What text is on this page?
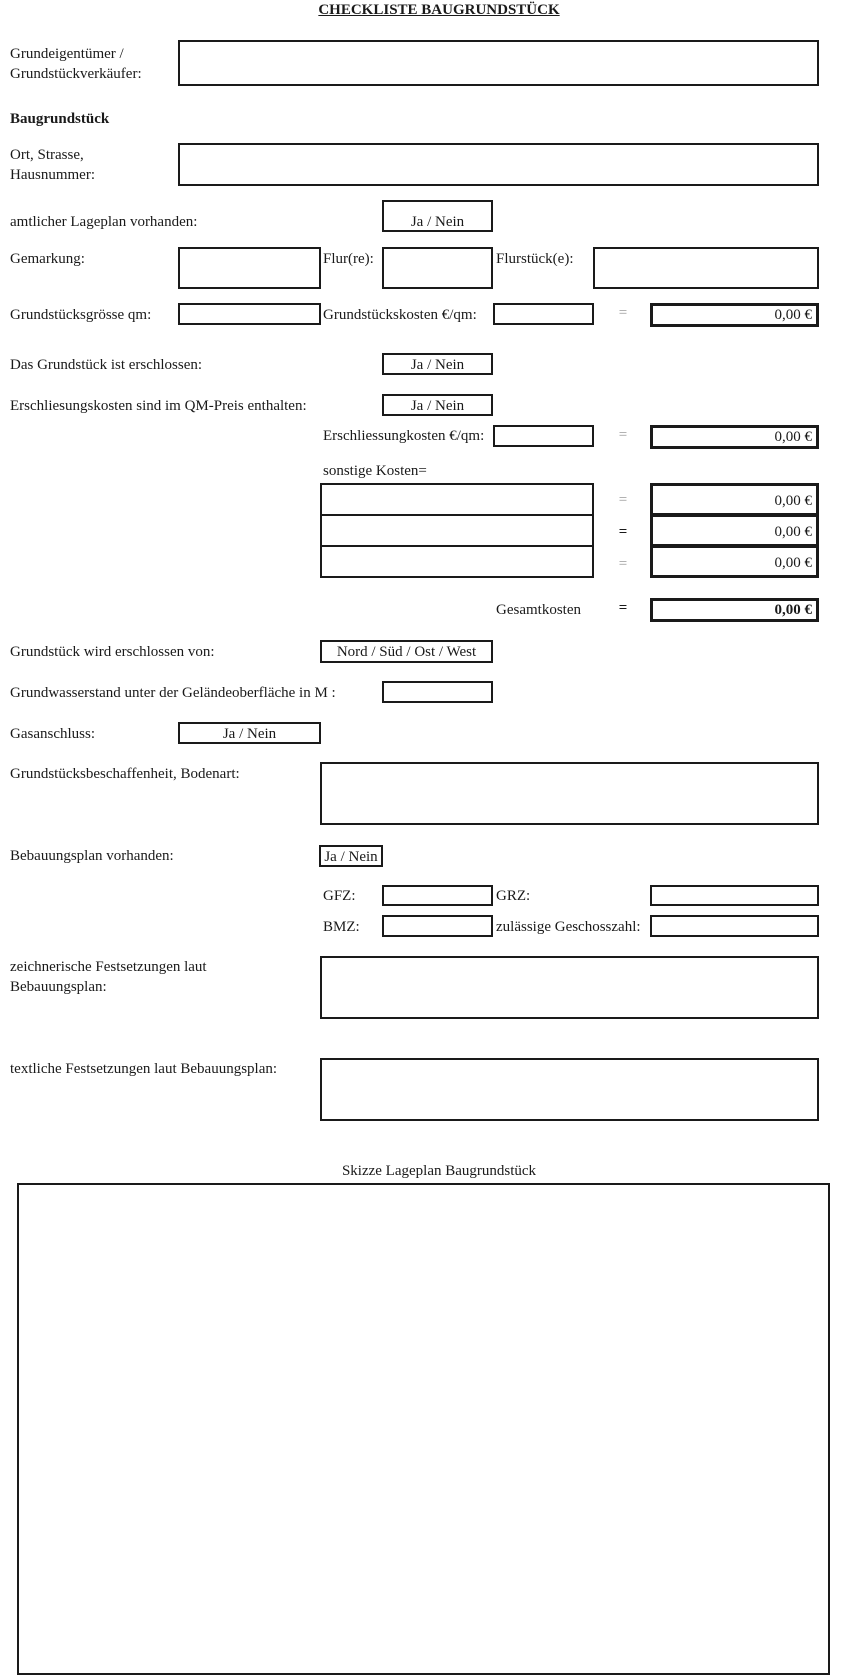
CHECKLISTE BAUGRUNDSTÜCK
Grundeigentümer /
Grundstückverkäufer:
Baugrundstück
Ort, Strasse,
Hausnummer:
amtlicher Lageplan vorhanden:	Ja / Nein
Gemarkung:	Flur(re):	Flurstück(e):
Grundstücksgrösse qm:	Grundstückskosten €/qm:	=	0,00 €
Das Grundstück ist erschlossen:	Ja / Nein
Erschliesungskosten sind im QM-Preis enthalten:	Ja / Nein
Erschliessungkosten €/qm:	=	0,00 €
sonstige Kosten=
=	0,00 €
=	0,00 €
=	0,00 €
Gesamtkosten	=	0,00 €
Grundstück wird erschlossen von:	Nord / Süd / Ost / West
Grundwasserstand unter der Geländeoberfläche in M :
Gasanschluss:	Ja / Nein
Grundstücksbeschaffenheit, Bodenart:
Bebauungsplan vorhanden:	Ja / Nein
GFZ:	GRZ:
BMZ:	zulässige Geschosszahl:
zeichnerische Festsetzungen laut
Bebauungsplan:
textliche Festsetzungen laut Bebauungsplan:
Skizze Lageplan Baugrundstück
